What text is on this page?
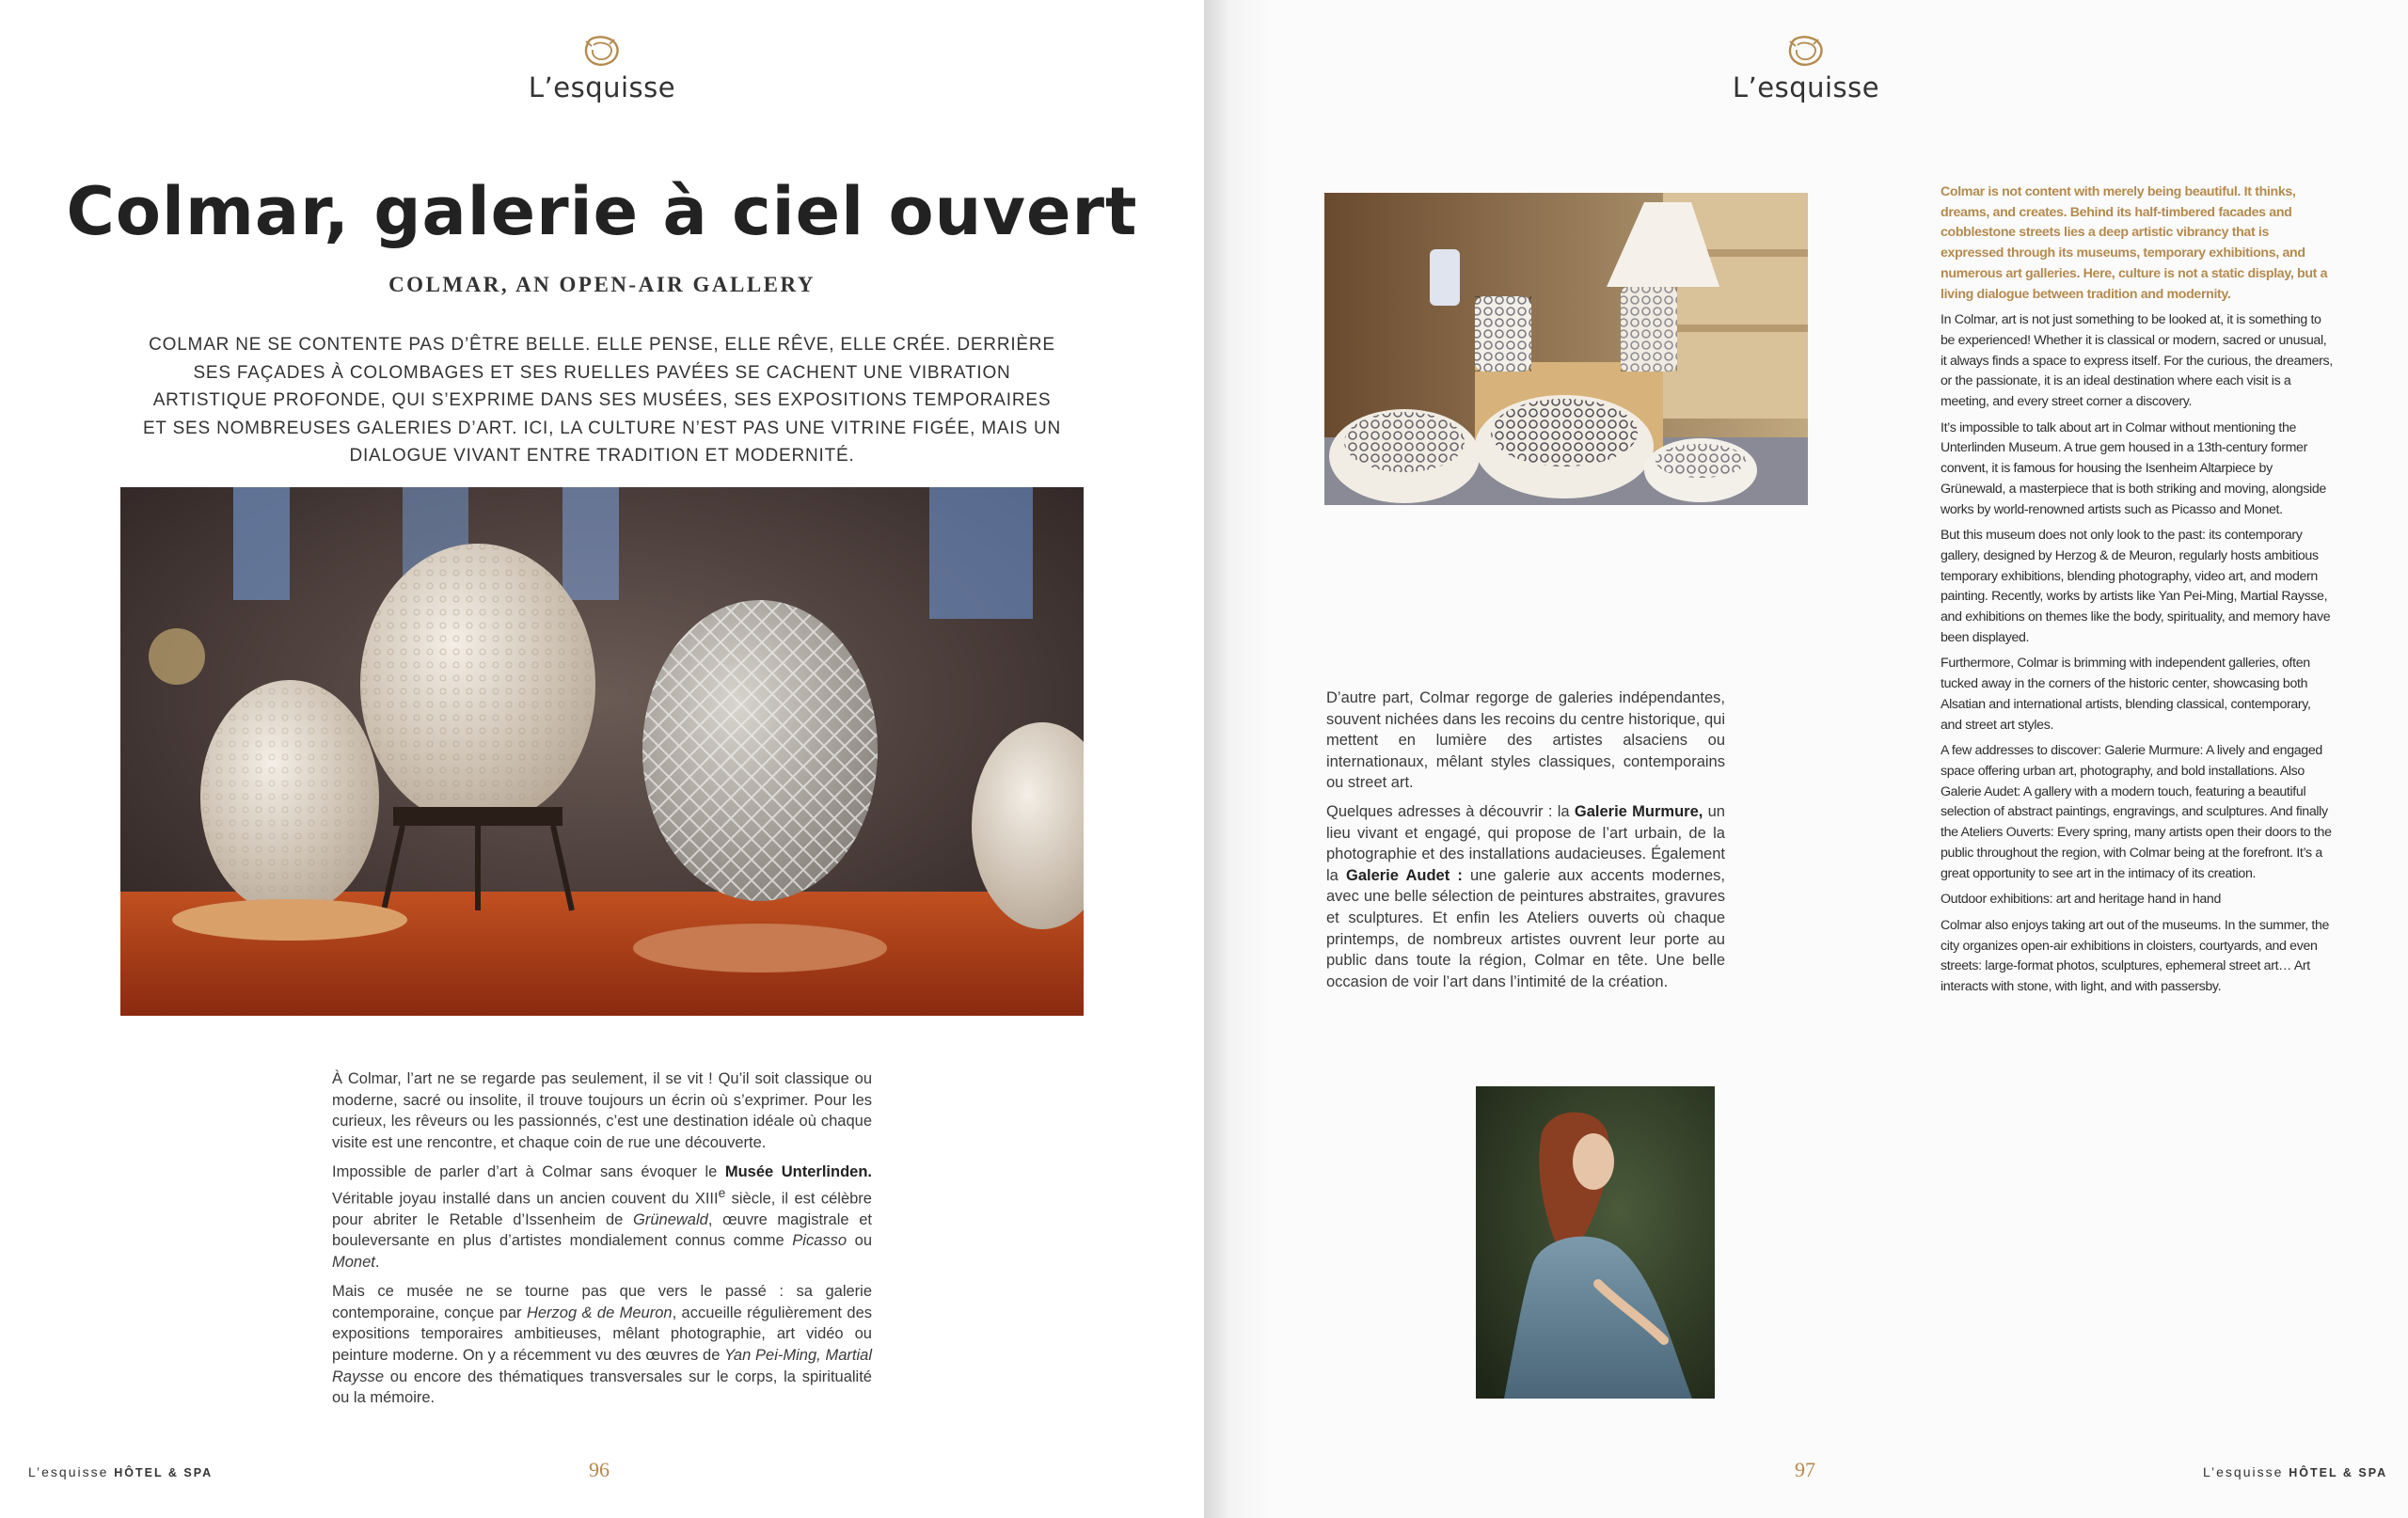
L’esquisse
Colmar, galerie à ciel ouvert
COLMAR, AN OPEN-AIR GALLERY

COLMAR NE SE CONTENTE PAS D’ÊTRE BELLE. ELLE PENSE, ELLE RÊVE, ELLE CRÉE. DERRIÈRE SES FAÇADES À COLOMBAGES ET SES RUELLES PAVÉES SE CACHENT UNE VIBRATION ARTISTIQUE PROFONDE, QUI S’EXPRIME DANS SES MUSÉES, SES EXPOSITIONS TEMPORAIRES ET SES NOMBREUSES GALERIES D’ART. ICI, LA CULTURE N’EST PAS UNE VITRINE FIGÉE, MAIS UN DIALOGUE VIVANT ENTRE TRADITION ET MODERNITÉ.

À Colmar, l’art ne se regarde pas seulement, il se vit ! Qu’il soit classique ou moderne, sacré ou insolite, il trouve toujours un écrin où s’exprimer. Pour les curieux, les rêveurs ou les passionnés, c’est une destination idéale où chaque visite est une rencontre, et chaque coin de rue une découverte.

Impossible de parler d’art à Colmar sans évoquer le Musée Unterlinden. Véritable joyau installé dans un ancien couvent du XIIIe siècle, il est célèbre pour abriter le Retable d’Issenheim de Grünewald, œuvre magistrale et bouleversante en plus d’artistes mondialement connus comme Picasso ou Monet.

Mais ce musée ne se tourne pas que vers le passé : sa galerie contemporaine, conçue par Herzog & de Meuron, accueille régulièrement des expositions temporaires ambitieuses, mêlant photographie, art vidéo ou peinture moderne. On y a récemment vu des œuvres de Yan Pei-Ming, Martial Raysse ou encore des thématiques transversales sur le corps, la spiritualité ou la mémoire.

L’esquisse HÔTEL & SPA	96
L’esquisse

D’autre part, Colmar regorge de galeries indépendantes, souvent nichées dans les recoins du centre historique, qui mettent en lumière des artistes alsaciens ou internationaux, mêlant styles classiques, contemporains ou street art.

Quelques adresses à découvrir : la Galerie Murmure, un lieu vivant et engagé, qui propose de l’art urbain, de la photographie et des installations audacieuses. Également la Galerie Audet : une galerie aux accents modernes, avec une belle sélection de peintures abstraites, gravures et sculptures. Et enfin les Ateliers ouverts où chaque printemps, de nombreux artistes ouvrent leur porte au public dans toute la région, Colmar en tête. Une belle occasion de voir l’art dans l’intimité de la création.

Colmar is not content with merely being beautiful. It thinks, dreams, and creates. Behind its half-timbered facades and cobblestone streets lies a deep artistic vibrancy that is expressed through its museums, temporary exhibitions, and numerous art galleries. Here, culture is not a static display, but a living dialogue between tradition and modernity.

In Colmar, art is not just something to be looked at, it is something to be experienced! Whether it is classical or modern, sacred or unusual, it always finds a space to express itself. For the curious, the dreamers, or the passionate, it is an ideal destination where each visit is a meeting, and every street corner a discovery.

It’s impossible to talk about art in Colmar without mentioning the Unterlinden Museum. A true gem housed in a 13th-century former convent, it is famous for housing the Isenheim Altarpiece by Grünewald, a masterpiece that is both striking and moving, alongside works by world-renowned artists such as Picasso and Monet.

But this museum does not only look to the past: its contemporary gallery, designed by Herzog & de Meuron, regularly hosts ambitious temporary exhibitions, blending photography, video art, and modern painting. Recently, works by artists like Yan Pei-Ming, Martial Raysse, and exhibitions on themes like the body, spirituality, and memory have been displayed.

Furthermore, Colmar is brimming with independent galleries, often tucked away in the corners of the historic center, showcasing both Alsatian and international artists, blending classical, contemporary, and street art styles.

A few addresses to discover: Galerie Murmure: A lively and engaged space offering urban art, photography, and bold installations. Also Galerie Audet: A gallery with a modern touch, featuring a beautiful selection of abstract paintings, engravings, and sculptures. And finally the Ateliers Ouverts: Every spring, many artists open their doors to the public throughout the region, with Colmar being at the forefront. It’s a great opportunity to see art in the intimacy of its creation.

Outdoor exhibitions: art and heritage hand in hand

Colmar also enjoys taking art out of the museums. In the summer, the city organizes open-air exhibitions in cloisters, courtyards, and even streets: large-format photos, sculptures, ephemeral street art… Art interacts with stone, with light, and with passersby.

97	L’esquisse HÔTEL & SPA
